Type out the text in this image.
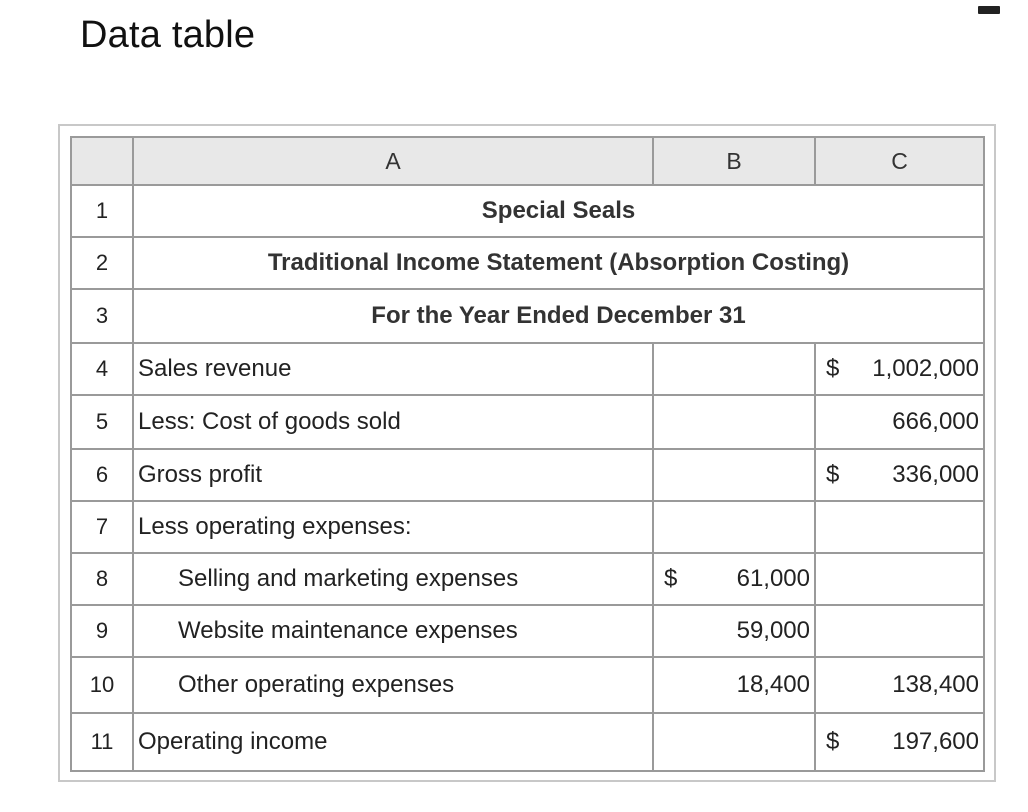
Data table
	A	B	C
1	Special Seals		
2	Traditional Income Statement (Absorption Costing)		
3	For the Year Ended December 31		
4	Sales revenue		$ 1,002,000
5	Less: Cost of goods sold		666,000
6	Gross profit		$ 336,000
7	Less operating expenses:	

8	Selling and marketing expenses	$ 61,000	

9	Website maintenance expenses	59,000	

10	Other operating expenses	18,400	138,400
11	Operating income		$ 197,600
